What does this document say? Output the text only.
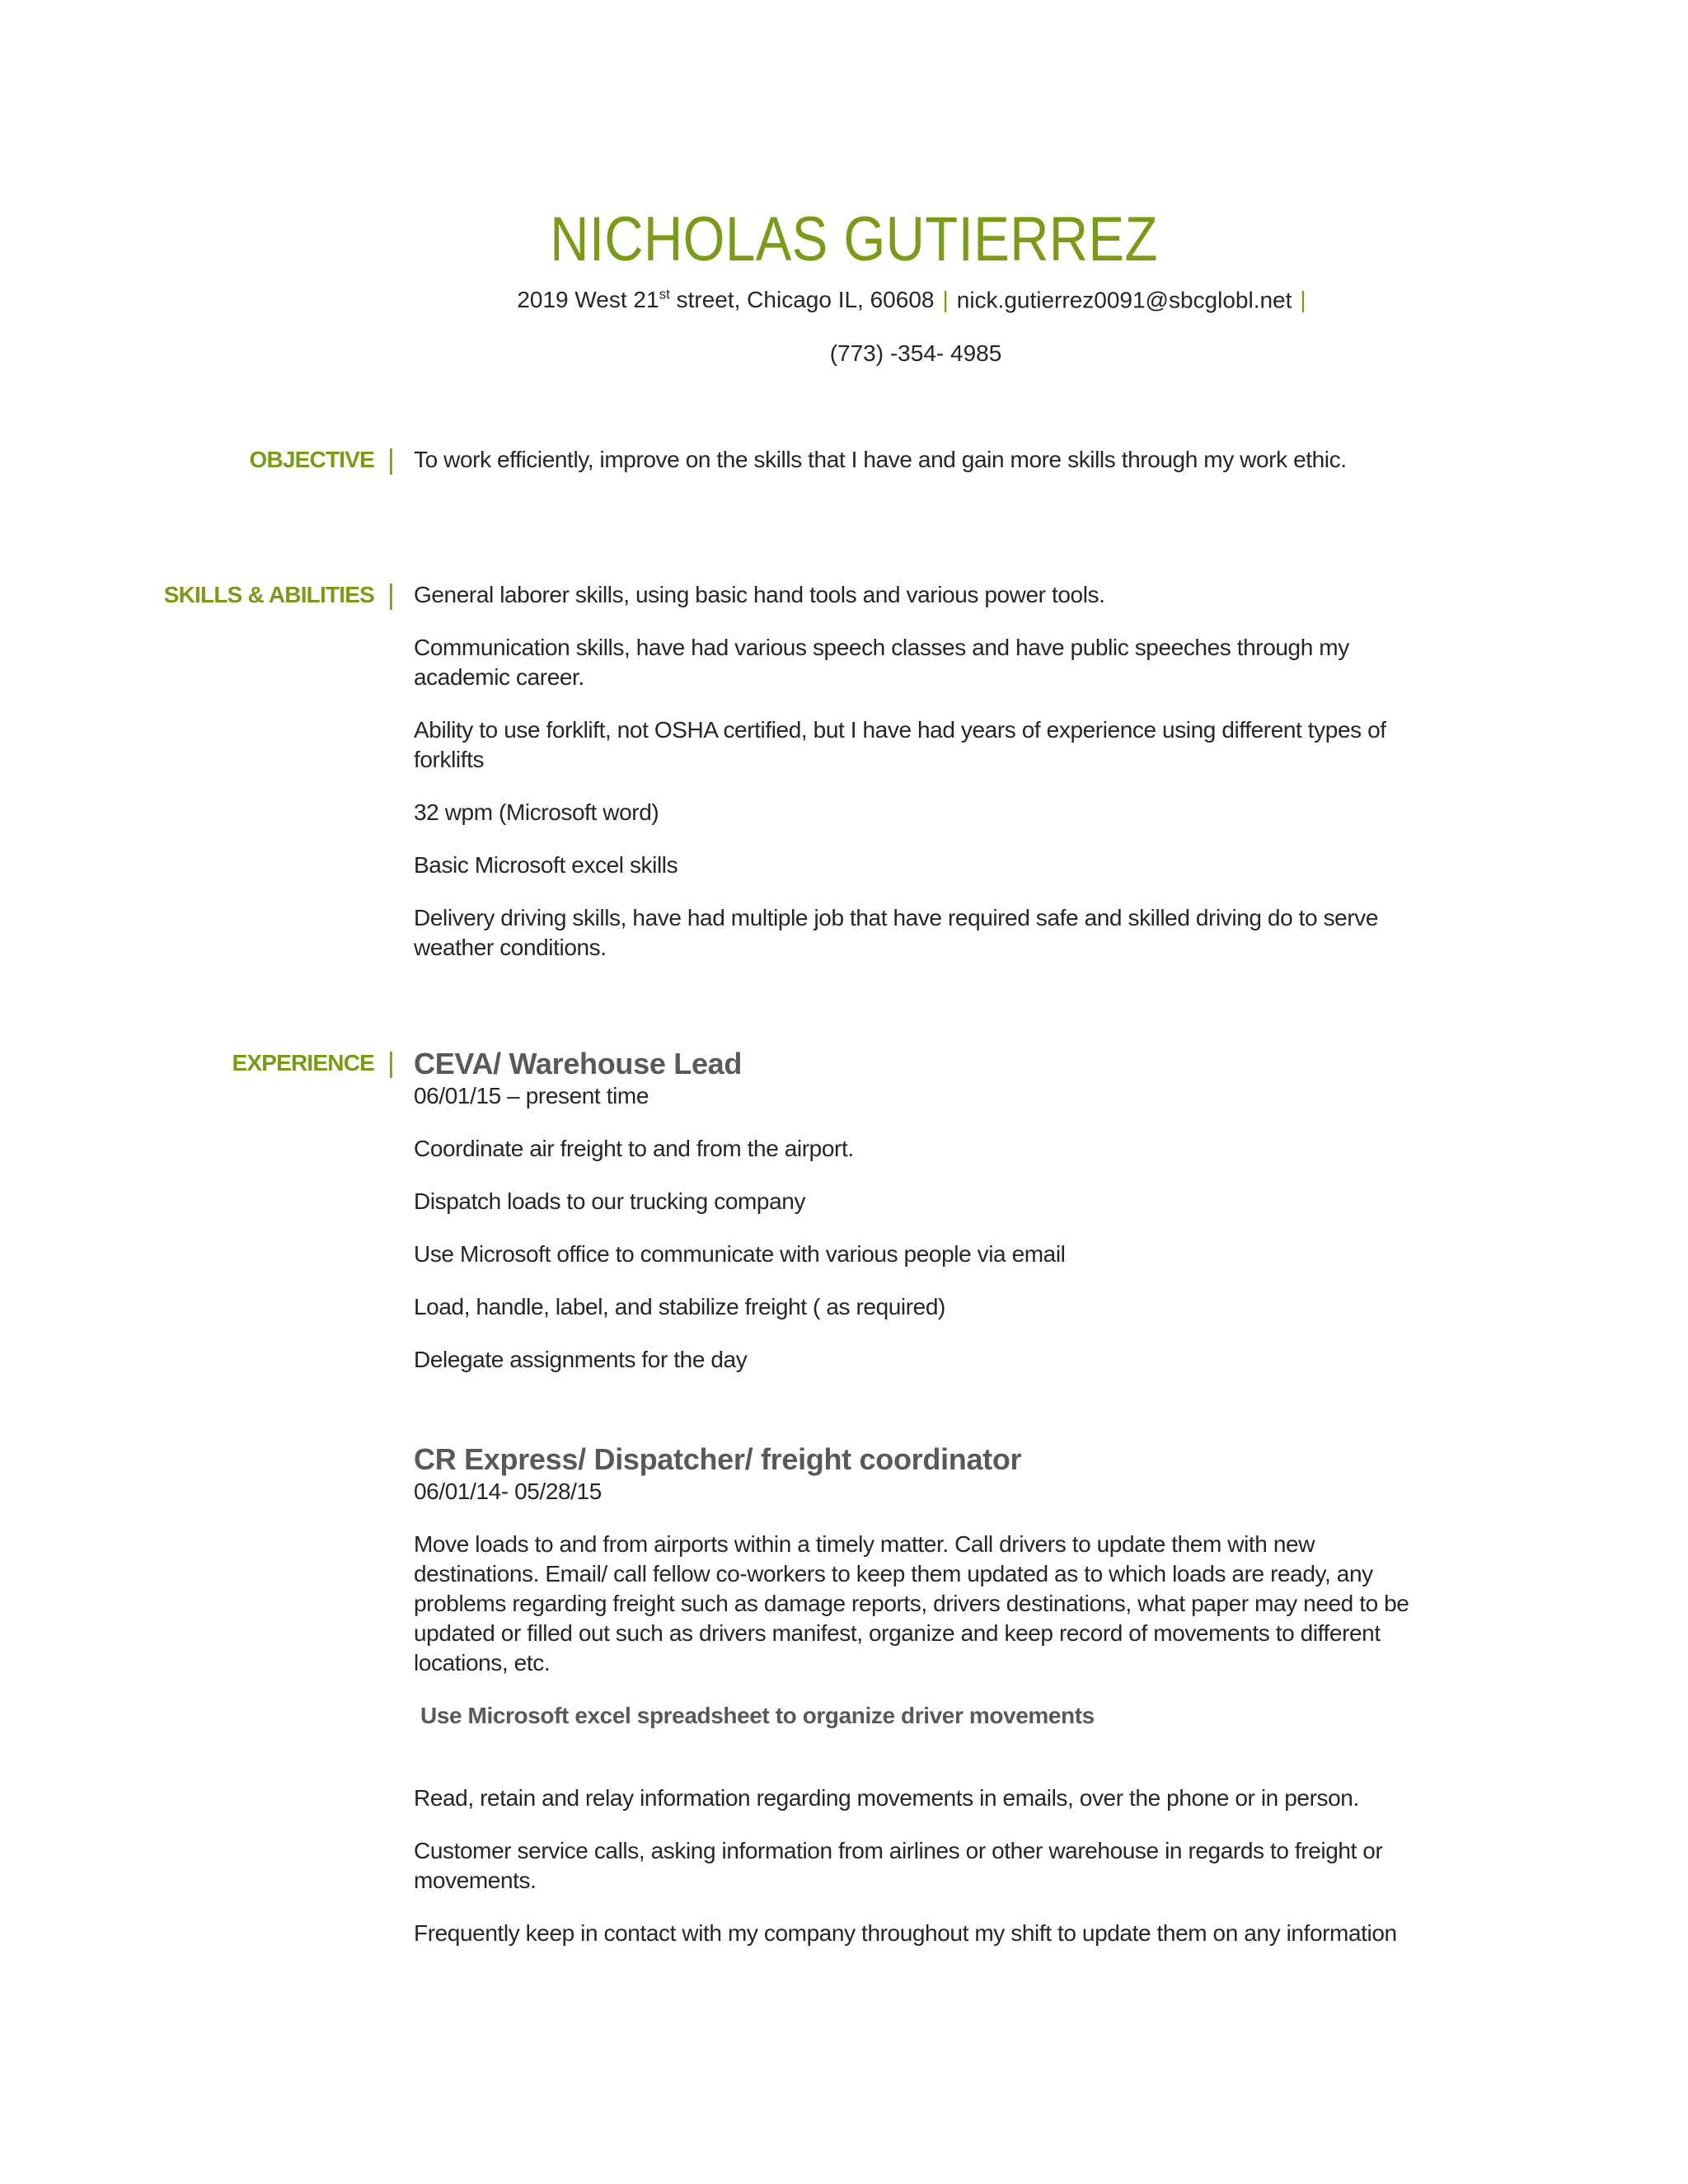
NICHOLAS GUTIERREZ
2019 West 21st street, Chicago IL, 60608 | nick.gutierrez0091@sbcglobl.net |
(773) -354- 4985
OBJECTIVE | To work efficiently, improve on the skills that I have and gain more skills through my work ethic.

SKILLS & ABILITIES | General laborer skills, using basic hand tools and various power tools.

Communication skills, have had various speech classes and have public speeches through my academic career.

Ability to use forklift, not OSHA certified, but I have had years of experience using different types of forklifts

32 wpm (Microsoft word)

Basic Microsoft excel skills

Delivery driving skills, have had multiple job that have required safe and skilled driving do to serve weather conditions.

EXPERIENCE | CEVA/ Warehouse Lead

06/01/15 – present time

Coordinate air freight to and from the airport.

Dispatch loads to our trucking company

Use Microsoft office to communicate with various people via email

Load, handle, label, and stabilize freight ( as required)

Delegate assignments for the day

CR Express/ Dispatcher/ freight coordinator

06/01/14- 05/28/15

Move loads to and from airports within a timely matter. Call drivers to update them with new destinations. Email/ call fellow co-workers to keep them updated as to which loads are ready, any problems regarding freight such as damage reports, drivers destinations, what paper may need to be updated or filled out such as drivers manifest, organize and keep record of movements to different locations, etc.

Use Microsoft excel spreadsheet to organize driver movements

Read, retain and relay information regarding movements in emails, over the phone or in person.

Customer service calls, asking information from airlines or other warehouse in regards to freight or movements.

Frequently keep in contact with my company throughout my shift to update them on any information
